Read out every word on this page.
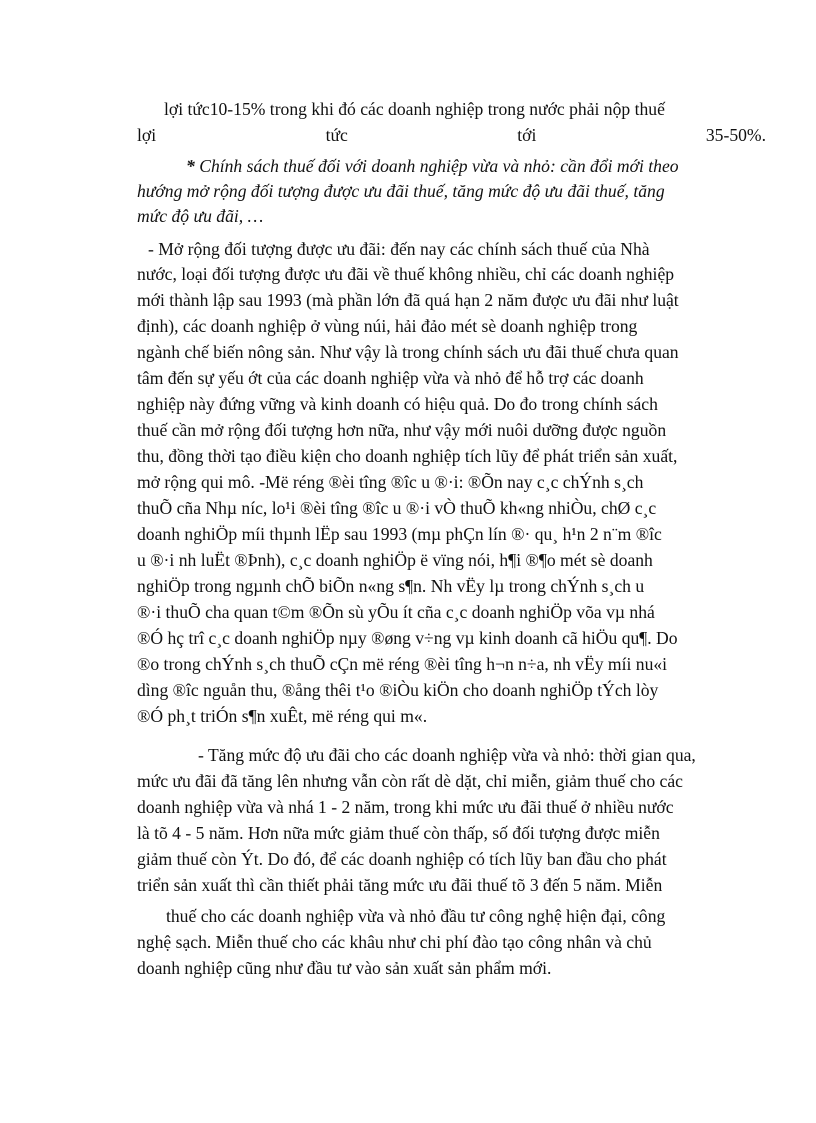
lợi tức10-15% trong khi đó các doanh nghiệp trong nước phải nộp thuế
lợi	tức	tới	35-50%.
* Chính sách thuế đối với doanh nghiệp vừa và nhỏ: cần đổi mới theo
hướng mở rộng đối tượng được ưu đãi thuế, tăng mức độ ưu đãi thuế, tăng
mức độ ưu đãi, …
- Mở rộng đối tượng được ưu đãi: đến nay các chính sách thuế của Nhà
nước, loại đối tượng được ưu đãi về thuế không nhiều, chỉ các doanh nghiệp
mới thành lập sau 1993 (mà phần lớn đã quá hạn 2 năm được ưu đãi như luật
định), các doanh nghiệp ở vùng núi, hải đảo mét sè doanh nghiệp trong
ngành chế biến nông sản. Như vậy là trong chính sách ưu đãi thuế chưa quan
tâm đến sự yếu ớt của các doanh nghiệp vừa và nhỏ để hỗ trợ các doanh
nghiệp này đứng vững và kinh doanh có hiệu quả. Do đo trong chính sách
thuế cần mở rộng đối tượng hơn nữa, như vậy mới nuôi dưỡng được nguồn
thu, đồng thời tạo điều kiện cho doanh nghiệp tích lũy để phát triển sản xuất,
mở rộng qui mô. -Më réng ®èi tîng ®îc u ®·i: ®Õn nay c¸c chÝnh s¸ch
thuÕ cña Nhµ níc, lo¹i ®èi tîng ®îc u ®·i vÒ thuÕ kh«ng nhiÒu, chØ c¸c
doanh nghiÖp míi thµnh lËp sau 1993 (mµ phÇn lín ®· qu¸ h¹n 2 n¨m ®îc
u ®·i nh luËt ®Þnh), c¸c doanh nghiÖp ë vïng nói, h¶i ®¶o mét sè doanh
nghiÖp trong ngµnh chÕ biÕn n«ng s¶n. Nh vËy lµ trong chÝnh s¸ch u
®·i thuÕ cha quan t©m ®Õn sù yÕu ít cña c¸c doanh nghiÖp võa vµ nhá
®Ó hç trî c¸c doanh nghiÖp nµy ®øng v÷ng vµ kinh doanh cã hiÖu qu¶. Do
®o trong chÝnh s¸ch thuÕ cÇn më réng ®èi tîng h¬n n÷a, nh vËy míi nu«i
dìng ®îc nguån thu, ®ång thêi t¹o ®iÒu kiÖn cho doanh nghiÖp tÝch lòy
®Ó ph¸t triÓn s¶n xuÊt, më réng qui m«.
- Tăng mức độ ưu đãi cho các doanh nghiệp vừa và nhỏ: thời gian qua,
mức ưu đãi đã tăng lên nhưng vẫn còn rất dè dặt, chỉ miễn, giảm thuế cho các
doanh nghiệp vừa và nhá 1 - 2 năm, trong khi mức ưu đãi thuế ở nhiều nước
là tõ 4 - 5 năm. Hơn nữa mức giảm thuế còn thấp, số đối tượng được miễn
giảm thuế còn Ýt. Do đó, để các doanh nghiệp có tích lũy ban đầu cho phát
triển sản xuất thì cần thiết phải tăng mức ưu đãi thuế tõ 3 đến 5 năm. Miễn
thuế cho các doanh nghiệp vừa và nhỏ đầu tư công nghệ hiện đại, công
nghệ sạch. Miễn thuế cho các khâu như chi phí đào tạo công nhân và chủ
doanh nghiệp cũng như đầu tư vào sản xuất sản phẩm mới.
